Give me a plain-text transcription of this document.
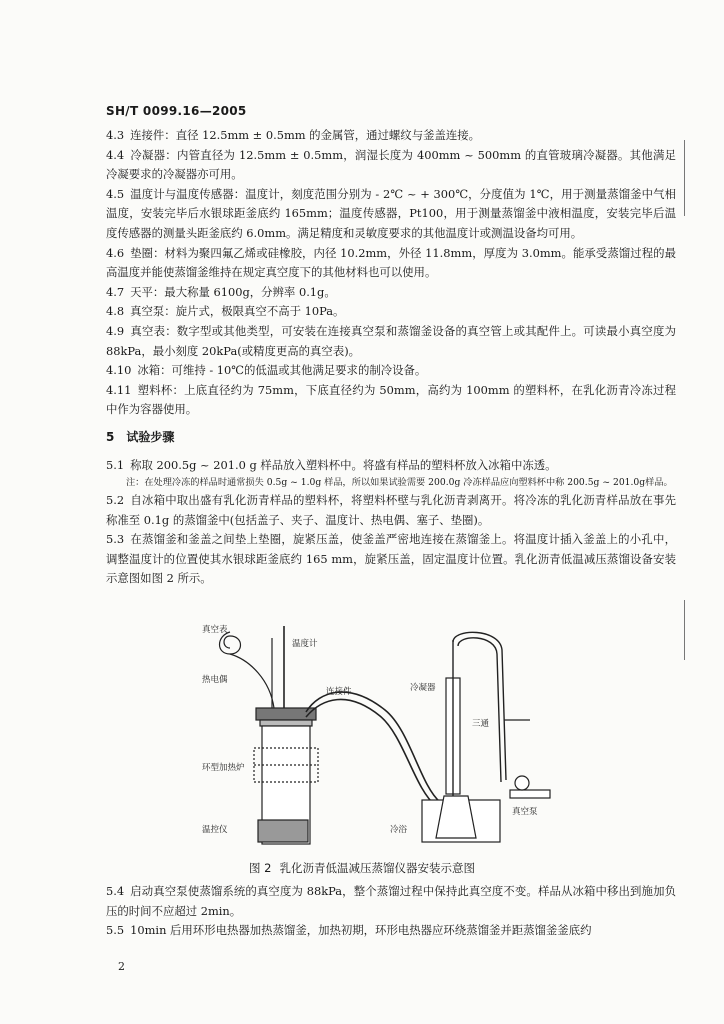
SH/T 0099.16—2005

4.3 连接件：直径 12.5mm ± 0.5mm 的金属管，通过螺纹与釜盖连接。

4.4 冷凝器：内管直径为 12.5mm ± 0.5mm，润湿长度为 400mm ~ 500mm 的直管玻璃冷凝器。其他满足冷凝要求的冷凝器亦可用。

4.5 温度计与温度传感器：温度计，刻度范围分别为 - 2℃ ~ + 300℃，分度值为 1℃，用于测量蒸馏釜中气相温度，安装完毕后水银球距釜底约 165mm；温度传感器，Pt100，用于测量蒸馏釜中液相温度，安装完毕后温度传感器的测量头距釜底约 6.0mm。满足精度和灵敏度要求的其他温度计或测温设备均可用。

4.6 垫圈：材料为聚四氟乙烯或硅橡胶，内径 10.2mm，外径 11.8mm，厚度为 3.0mm。能承受蒸馏过程的最高温度并能使蒸馏釜维持在规定真空度下的其他材料也可以使用。

4.7 天平：最大称量 6100g，分辨率 0.1g。

4.8 真空泵：旋片式，极限真空不高于 10Pa。

4.9 真空表：数字型或其他类型，可安装在连接真空泵和蒸馏釜设备的真空管上或其配件上。可读最小真空度为 88kPa，最小刻度 20kPa(或精度更高的真空表)。

4.10 冰箱：可维持 - 10℃的低温或其他满足要求的制冷设备。

4.11 塑料杯：上底直径约为 75mm，下底直径约为 50mm，高约为 100mm 的塑料杯，在乳化沥青冷冻过程中作为容器使用。

5　试验步骤

5.1 称取 200.5g ~ 201.0 g 样品放入塑料杯中。将盛有样品的塑料杯放入冰箱中冻透。

注：在处理冷冻的样品时通常损失 0.5g ~ 1.0g 样品，所以如果试验需要 200.0g 冷冻样品应向塑料杯中称 200.5g ~ 201.0g样品。

5.2 自冰箱中取出盛有乳化沥青样品的塑料杯，将塑料杯壁与乳化沥青剥离开。将冷冻的乳化沥青样品放在事先称准至 0.1g 的蒸馏釜中(包括盖子、夹子、温度计、热电偶、塞子、垫圈)。

5.3 在蒸馏釜和釜盖之间垫上垫圈，旋紧压盖，使釜盖严密地连接在蒸馏釜上。将温度计插入釜盖上的小孔中，调整温度计的位置使其水银球距釜底约 165 mm，旋紧压盖，固定温度计位置。乳化沥青低温减压蒸馏设备安装示意图如图 2 所示。

真空表
温度计
热电偶
连接件	冷凝器
三通
环型加热炉
温控仪	冷浴
真空泵
图 2 乳化沥青低温减压蒸馏仪器安装示意图

5.4 启动真空泵使蒸馏系统的真空度为 88kPa，整个蒸馏过程中保持此真空度不变。样品从冰箱中移出到施加负压的时间不应超过 2min。

5.5 10min 后用环形电热器加热蒸馏釜，加热初期，环形电热器应环绕蒸馏釜并距蒸馏釜釜底约

2
